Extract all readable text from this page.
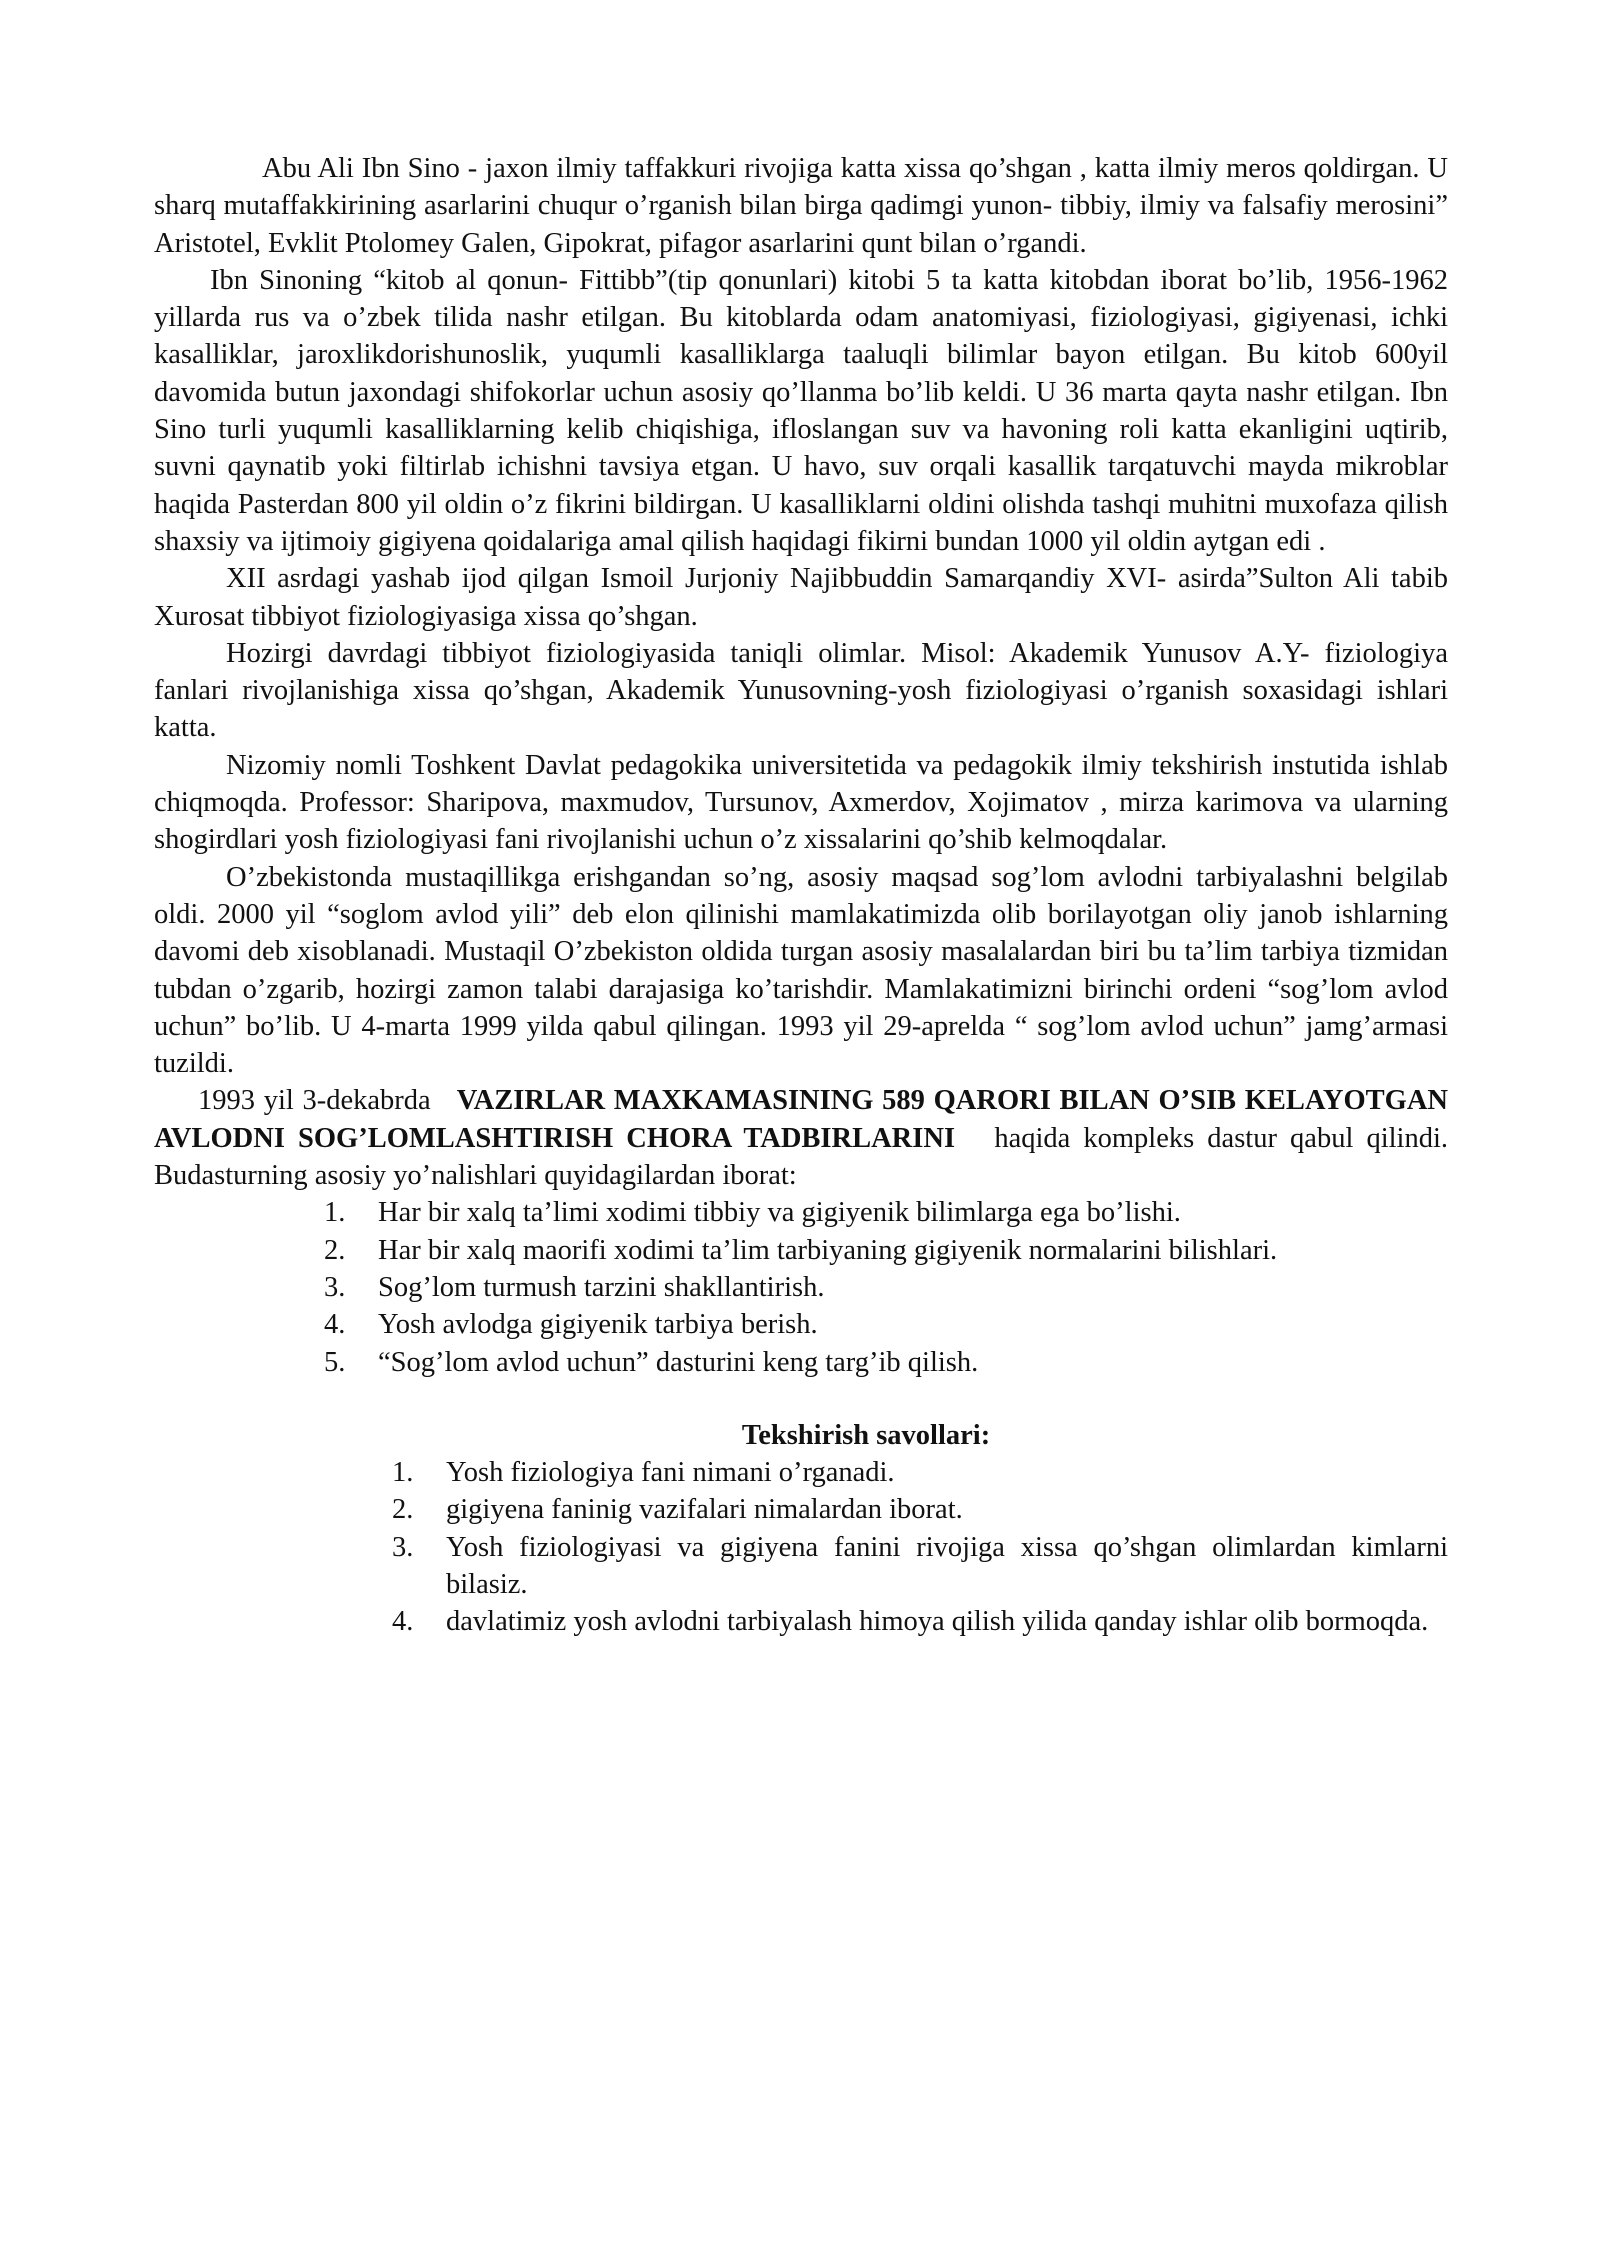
Abu Ali Ibn Sino - jaxon ilmiy taffakkuri rivojiga katta xissa qo’shgan , katta ilmiy meros qoldirgan. U sharq mutaffakkirining asarlarini chuqur o’rganish bilan birga qadimgi yunon- tibbiy, ilmiy va falsafiy merosini” Aristotel, Evklit Ptolomey Galen, Gipokrat, pifagor asarlarini qunt bilan o’rgandi.

Ibn Sinoning “kitob al qonun- Fittibb”(tip qonunlari) kitobi 5 ta katta kitobdan iborat bo’lib, 1956-1962 yillarda rus va o’zbek tilida nashr etilgan. Bu kitoblarda odam anatomiyasi, fiziologiyasi, gigiyenasi, ichki kasalliklar, jaroxlikdorishunoslik, yuqumli kasalliklarga taaluqli bilimlar bayon etilgan. Bu kitob 600yil davomida butun jaxondagi shifokorlar uchun asosiy qo’llanma bo’lib keldi. U 36 marta qayta nashr etilgan. Ibn Sino turli yuqumli kasalliklarning kelib chiqishiga, ifloslangan suv va havoning roli katta ekanligini uqtirib, suvni qaynatib yoki filtirlab ichishni tavsiya etgan. U havo, suv orqali kasallik tarqatuvchi mayda mikroblar haqida Pasterdan 800 yil oldin o’z fikrini bildirgan. U kasalliklarni oldini olishda tashqi muhitni muxofaza qilish shaxsiy va ijtimoiy gigiyena qoidalariga amal qilish haqidagi fikirni bundan 1000 yil oldin aytgan edi .

XII asrdagi yashab ijod qilgan Ismoil Jurjoniy Najibbuddin Samarqandiy XVI- asirda”Sulton Ali tabib Xurosat tibbiyot fiziologiyasiga xissa qo’shgan.

Hozirgi davrdagi tibbiyot fiziologiyasida taniqli olimlar. Misol: Akademik Yunusov A.Y- fiziologiya fanlari rivojlanishiga xissa qo’shgan, Akademik Yunusovning-yosh fiziologiyasi o’rganish soxasidagi ishlari katta.

Nizomiy nomli Toshkent Davlat pedagokika universitetida va pedagokik ilmiy tekshirish instutida ishlab chiqmoqda. Professor: Sharipova, maxmudov, Tursunov, Axmerdov, Xojimatov , mirza karimova va ularning shogirdlari yosh fiziologiyasi fani rivojlanishi uchun o’z xissalarini qo’shib kelmoqdalar.

O’zbekistonda mustaqillikga erishgandan so’ng, asosiy maqsad sog’lom avlodni tarbiyalashni belgilab oldi. 2000 yil “soglom avlod yili” deb elon qilinishi mamlakatimizda olib borilayotgan oliy janob ishlarning davomi deb xisoblanadi. Mustaqil O’zbekiston oldida turgan asosiy masalalardan biri bu ta’lim tarbiya tizmidan tubdan o’zgarib, hozirgi zamon talabi darajasiga ko’tarishdir. Mamlakatimizni birinchi ordeni “sog’lom avlod uchun” bo’lib. U 4-marta 1999 yilda qabul qilingan. 1993 yil 29-aprelda “ sog’lom avlod uchun” jamg’armasi tuzildi.

1993 yil 3-dekabrda VAZIRLAR MAXKAMASINING 589 QARORI BILAN O’SIB KELAYOTGAN AVLODNI SOG’LOMLASHTIRISH CHORA TADBIRLARINI haqida kompleks dastur qabul qilindi. Budasturning asosiy yo’nalishlari quyidagilardan iborat:

1.	Har bir xalq ta’limi xodimi tibbiy va gigiyenik bilimlarga ega bo’lishi.
2.	Har bir xalq maorifi xodimi ta’lim tarbiyaning gigiyenik normalarini bilishlari.
3.	Sog’lom turmush tarzini shakllantirish.
4.	Yosh avlodga gigiyenik tarbiya berish.
5.	“Sog’lom avlod uchun” dasturini keng targ’ib qilish.

Tekshirish savollari:

1.	Yosh fiziologiya fani nimani o’rganadi.
2.	gigiyena faninig vazifalari nimalardan iborat.
3.	Yosh fiziologiyasi va gigiyena fanini rivojiga xissa qo’shgan olimlardan kimlarni bilasiz.
4.	davlatimiz yosh avlodni tarbiyalash himoya qilish yilida qanday ishlar olib bormoqda.
